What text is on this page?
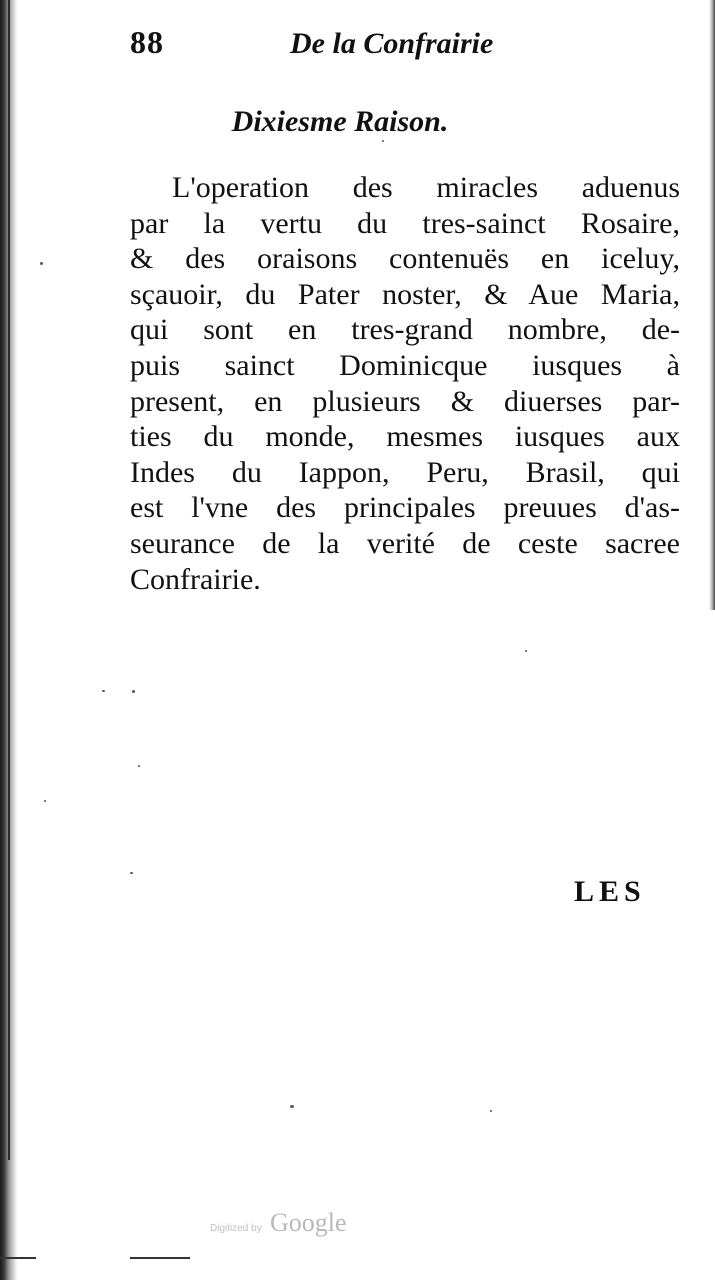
88	De la Confrairie
Dixiesme Raison.
L'operation des miracles aduenus
par la vertu du tres-sainct Rosaire,
& des oraisons contenuës en iceluy,
sçauoir, du Pater noster, & Aue Maria,
qui sont en tres-grand nombre, de-
puis sainct Dominicque iusques à
present, en plusieurs & diuerses par-
ties du monde, mesmes iusques aux
Indes du Iappon, Peru, Brasil, qui
est l'vne des principales preuues d'as-
seurance de la verité de ceste sacree
Confrairie.
LES
Digitized by Google
